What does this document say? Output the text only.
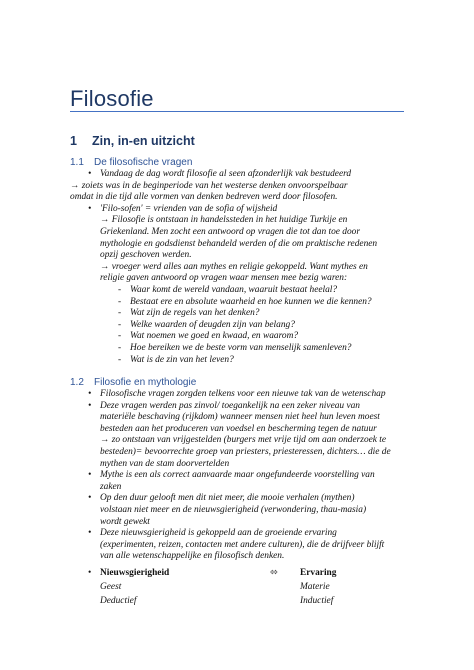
Filosofie
1 Zin, in-en uitzicht
1.1 De filosofische vragen
• Vandaag de dag wordt filosofie al seen afzonderlijk vak bestudeerd
→ zoiets was in de beginperiode van het westerse denken onvoorspelbaar
omdat in die tijd alle vormen van denken bedreven werd door filosofen.
• 'Filo-sofen' = vrienden van de sofia of wijsheid
→ Filosofie is ontstaan in handelssteden in het huidige Turkije en
Griekenland. Men zocht een antwoord op vragen die tot dan toe door
mythologie en godsdienst behandeld werden of die om praktische redenen
opzij geschoven werden.
→ vroeger werd alles aan mythes en religie gekoppeld. Want mythes en
religie gaven antwoord op vragen waar mensen mee bezig waren:
- Waar komt de wereld vandaan, waaruit bestaat heelal?
- Bestaat ere en absolute waarheid en hoe kunnen we die kennen?
- Wat zijn de regels van het denken?
- Welke waarden of deugden zijn van belang?
- Wat noemen we goed en kwaad, en waarom?
- Hoe bereiken we de beste vorm van menselijk samenleven?
- Wat is de zin van het leven?
1.2 Filosofie en mythologie
• Filosofische vragen zorgden telkens voor een nieuwe tak van de wetenschap
• Deze vragen werden pas zinvol/ toegankelijk na een zeker niveau van
materiële beschaving (rijkdom) wanneer mensen niet heel hun leven moest
besteden aan het produceren van voedsel en bescherming tegen de natuur
→ zo ontstaan van vrijgestelden (burgers met vrije tijd om aan onderzoek te
besteden)= bevoorrechte groep van priesters, priesteressen, dichters… die de
mythen van de stam doorvertelden
• Mythe is een als correct aanvaarde maar ongefundeerde voorstelling van
zaken
• Op den duur gelooft men dit niet meer, die mooie verhalen (mythen)
volstaan niet meer en de nieuwsgierigheid (verwondering, thau-masia)
wordt gewekt
• Deze nieuwsgierigheid is gekoppeld aan de groeiende ervaring
(experimenten, reizen, contacten met andere culturen), die de drijfveer blijft
van alle wetenschappelijke en filosofisch denken.
• Nieuwsgierigheid	⬄ Ervaring
Geest	Materie
Deductief	Inductief
